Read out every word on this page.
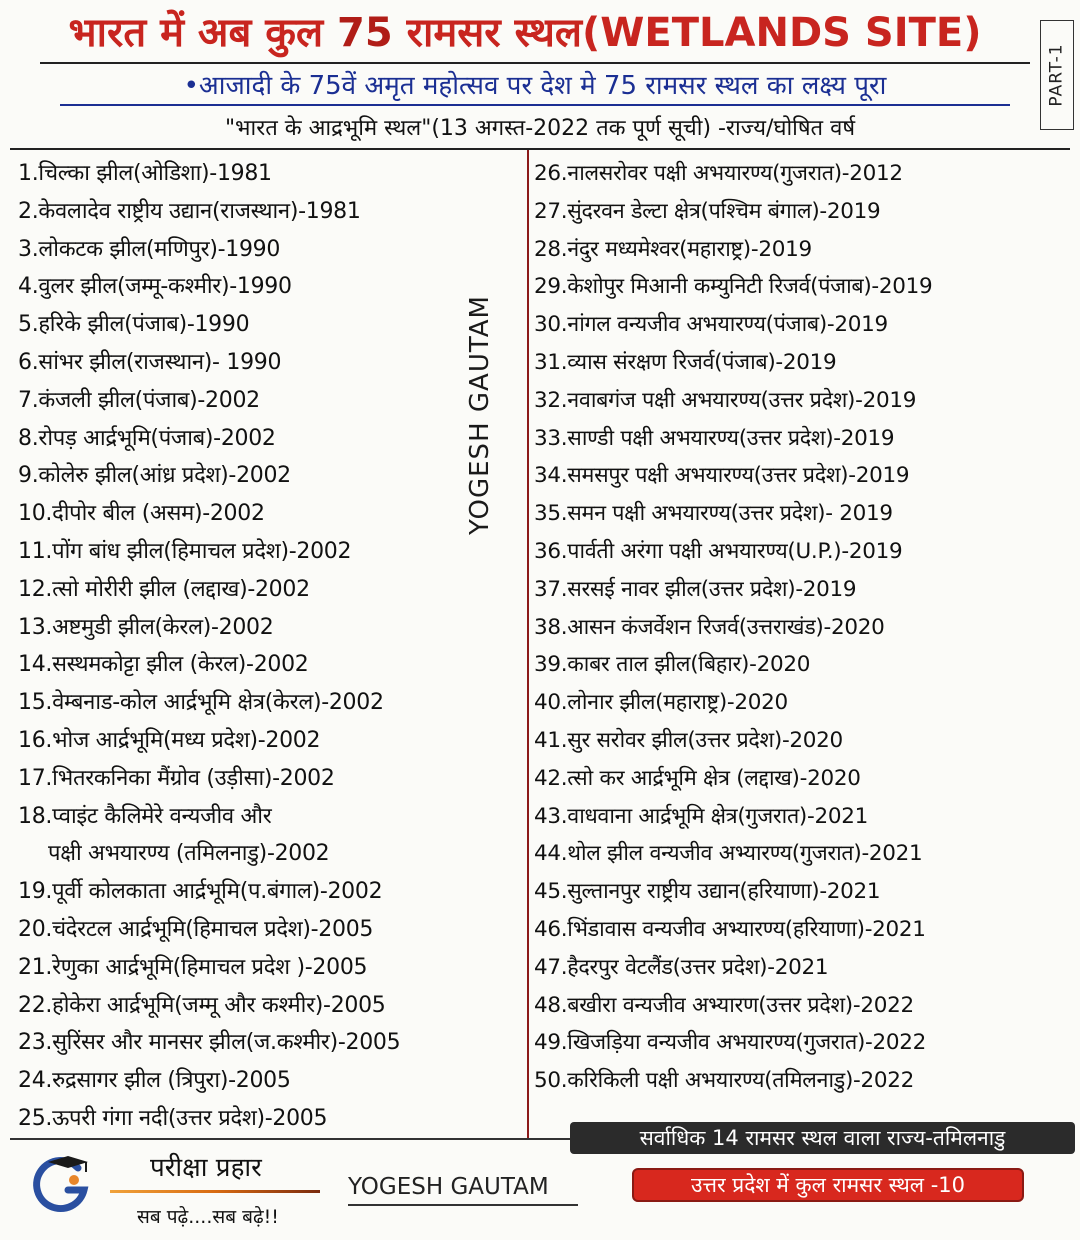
भारत में अब कुल 75 रामसर स्थल(WETLANDS SITE)
PART-1
•आजादी के 75वें अमृत महोत्सव पर देश मे 75 रामसर स्थल का लक्ष्य पूरा
"भारत के आद्रभूमि स्थल"(13 अगस्त-2022 तक पूर्ण सूची) -राज्य/घोषित वर्ष
1.चिल्का झील(ओडिशा)-1981
2.केवलादेव राष्ट्रीय उद्यान(राजस्थान)-1981
3.लोकटक झील(मणिपुर)-1990
4.वुलर झील(जम्मू-कश्मीर)-1990
5.हरिके झील(पंजाब)-1990
6.सांभर झील(राजस्थान)- 1990
7.कंजली झील(पंजाब)-2002
8.रोपड़ आर्द्रभूमि(पंजाब)-2002
9.कोलेरु झील(आंध्र प्रदेश)-2002
10.दीपोर बील (असम)-2002
11.पोंग बांध झील(हिमाचल प्रदेश)-2002
12.त्सो मोरीरी झील (लद्दाख)-2002
13.अष्टमुडी झील(केरल)-2002
14.सस्थमकोट्टा झील (केरल)-2002
15.वेम्बनाड-कोल आर्द्रभूमि क्षेत्र(केरल)-2002
16.भोज आर्द्रभूमि(मध्य प्रदेश)-2002
17.भितरकनिका मैंग्रोव (उड़ीसा)-2002
18.प्वाइंट कैलिमेरे वन्यजीव और
पक्षी अभयारण्य (तमिलनाडु)-2002
19.पूर्वी कोलकाता आर्द्रभूमि(प.बंगाल)-2002
20.चंदेरटल आर्द्रभूमि(हिमाचल प्रदेश)-2005
21.रेणुका आर्द्रभूमि(हिमाचल प्रदेश )-2005
22.होकेरा आर्द्रभूमि(जम्मू और कश्मीर)-2005
23.सुरिंसर और मानसर झील(ज.कश्मीर)-2005
24.रुद्रसागर झील (त्रिपुरा)-2005
25.ऊपरी गंगा नदी(उत्तर प्रदेश)-2005
YOGESH GAUTAM
26.नालसरोवर पक्षी अभयारण्य(गुजरात)-2012
27.सुंदरवन डेल्टा क्षेत्र(पश्चिम बंगाल)-2019
28.नंदुर मध्यमेश्वर(महाराष्ट्र)-2019
29.केशोपुर मिआनी कम्युनिटी रिजर्व(पंजाब)-2019
30.नांगल वन्यजीव अभयारण्य(पंजाब)-2019
31.व्यास संरक्षण रिजर्व(पंजाब)-2019
32.नवाबगंज पक्षी अभयारण्य(उत्तर प्रदेश)-2019
33.साण्डी पक्षी अभयारण्य(उत्तर प्रदेश)-2019
34.समसपुर पक्षी अभयारण्य(उत्तर प्रदेश)-2019
35.समन पक्षी अभयारण्य(उत्तर प्रदेश)- 2019
36.पार्वती अरंगा पक्षी अभयारण्य(U.P.)-2019
37.सरसई नावर झील(उत्तर प्रदेश)-2019
38.आसन कंजर्वेशन रिजर्व(उत्तराखंड)-2020
39.काबर ताल झील(बिहार)-2020
40.लोनार झील(महाराष्ट्र)-2020
41.सुर सरोवर झील(उत्तर प्रदेश)-2020
42.त्सो कर आर्द्रभूमि क्षेत्र (लद्दाख)-2020
43.वाधवाना आर्द्रभूमि क्षेत्र(गुजरात)-2021
44.थोल झील वन्यजीव अभ्यारण्य(गुजरात)-2021
45.सुल्तानपुर राष्ट्रीय उद्यान(हरियाणा)-2021
46.भिंडावास वन्यजीव अभ्यारण्य(हरियाणा)-2021
47.हैदरपुर वेटलैंड(उत्तर प्रदेश)-2021
48.बखीरा वन्यजीव अभ्यारण(उत्तर प्रदेश)-2022
49.खिजड़िया वन्यजीव अभयारण्य(गुजरात)-2022
50.करिकिली पक्षी अभयारण्य(तमिलनाडु)-2022
सर्वाधिक 14 रामसर स्थल वाला राज्य-तमिलनाडु
उत्तर प्रदेश में कुल रामसर स्थल -10
परीक्षा प्रहार
सब पढ़े....सब बढ़े!!
YOGESH GAUTAM
